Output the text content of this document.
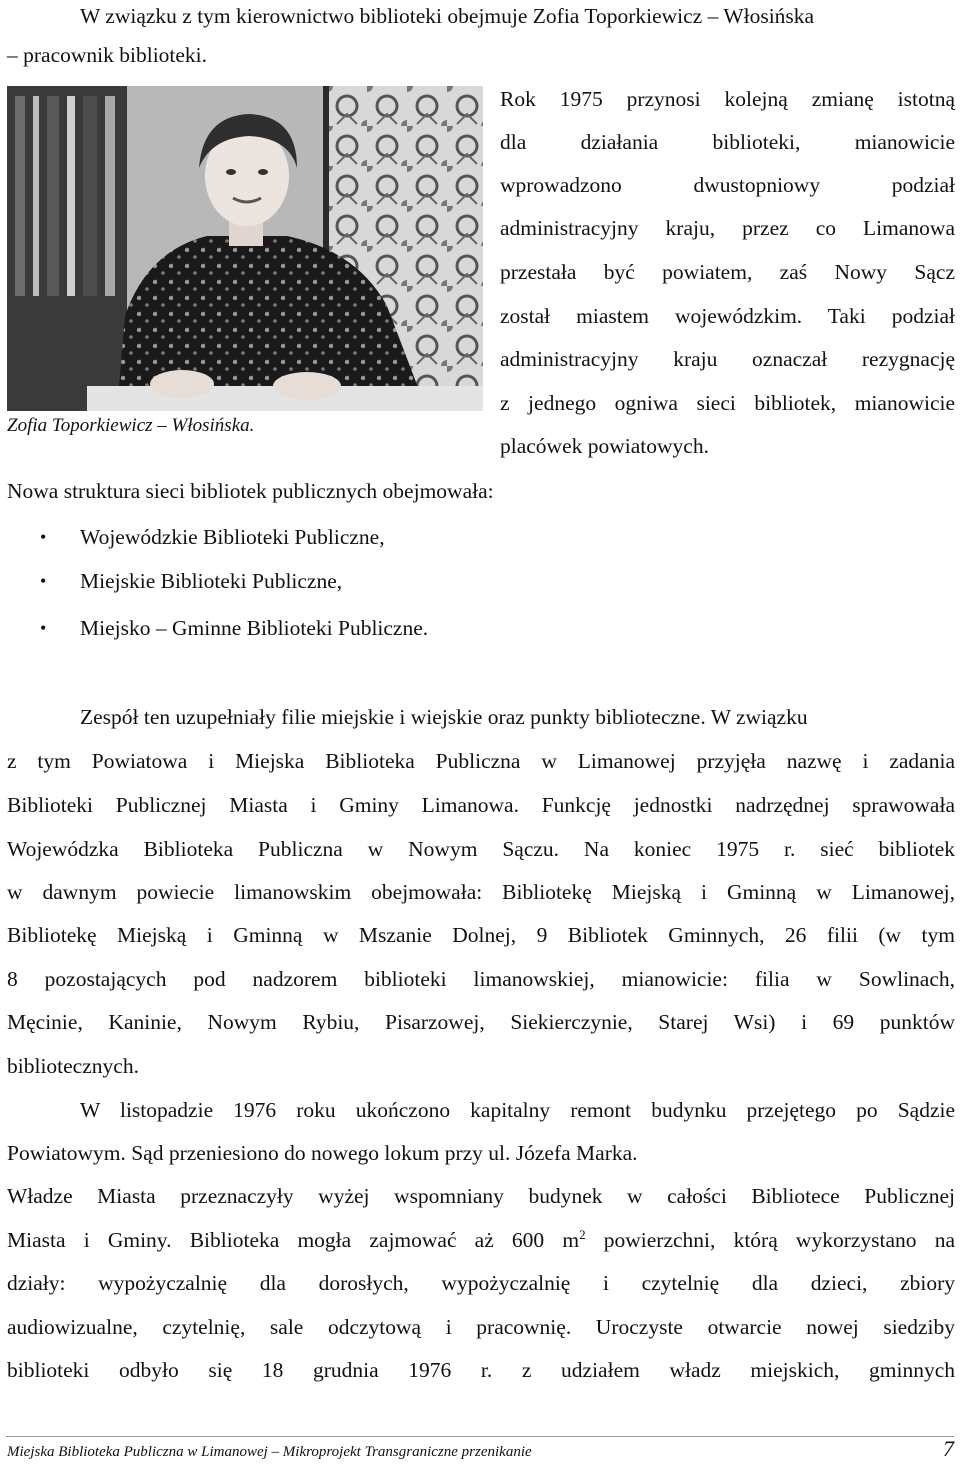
W związku z tym kierownictwo biblioteki obejmuje Zofia Toporkiewicz – Włosińska
– pracownik biblioteki.
Zofia Toporkiewicz – Włosińska.
Rok 1975 przynosi kolejną zmianę istotną
dla działania biblioteki, mianowicie
wprowadzono dwustopniowy podział
administracyjny kraju, przez co Limanowa
przestała być powiatem, zaś Nowy Sącz
został miastem wojewódzkim. Taki podział
administracyjny kraju oznaczał rezygnację
z jednego ogniwa sieci bibliotek, mianowicie
placówek powiatowych.
Nowa struktura sieci bibliotek publicznych obejmowała:
• Wojewódzkie Biblioteki Publiczne,
• Miejskie Biblioteki Publiczne,
• Miejsko – Gminne Biblioteki Publiczne.
Zespół ten uzupełniały filie miejskie i wiejskie oraz punkty biblioteczne. W związku
z tym Powiatowa i Miejska Biblioteka Publiczna w Limanowej przyjęła nazwę i zadania
Biblioteki Publicznej Miasta i Gminy Limanowa. Funkcję jednostki nadrzędnej sprawowała
Wojewódzka Biblioteka Publiczna w Nowym Sączu. Na koniec 1975 r. sieć bibliotek
w dawnym powiecie limanowskim obejmowała: Bibliotekę Miejską i Gminną w Limanowej,
Bibliotekę Miejską i Gminną w Mszanie Dolnej, 9 Bibliotek Gminnych, 26 filii (w tym
8 pozostających pod nadzorem biblioteki limanowskiej, mianowicie: filia w Sowlinach,
Męcinie, Kaninie, Nowym Rybiu, Pisarzowej, Siekierczynie, Starej Wsi) i 69 punktów
bibliotecznych.
W listopadzie 1976 roku ukończono kapitalny remont budynku przejętego po Sądzie
Powiatowym. Sąd przeniesiono do nowego lokum przy ul. Józefa Marka.
Władze Miasta przeznaczyły wyżej wspomniany budynek w całości Bibliotece Publicznej
Miasta i Gminy. Biblioteka mogła zajmować aż 600 $m^2$ powierzchni, którą wykorzystano na
działy: wypożyczalnię dla dorosłych, wypożyczalnię i czytelnię dla dzieci, zbiory
audiowizualne, czytelnię, sale odczytową i pracownię. Uroczyste otwarcie nowej siedziby
biblioteki odbyło się 18 grudnia 1976 r. z udziałem władz miejskich, gminnych
Miejska Biblioteka Publiczna w Limanowej – Mikroprojekt Transgraniczne przenikanie	7
